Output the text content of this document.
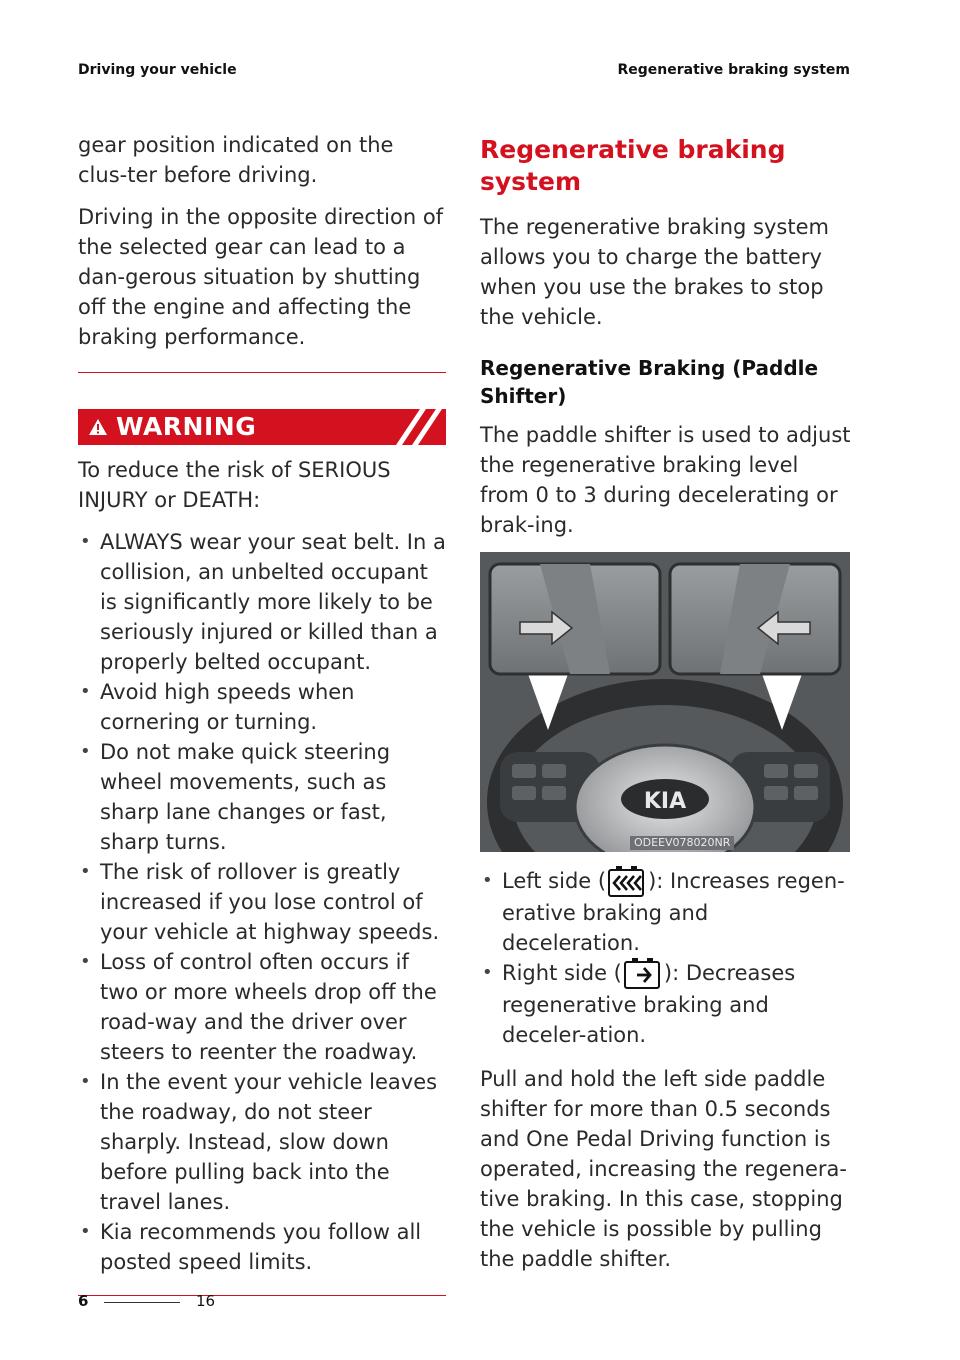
Driving your vehicle	Regenerative braking system

gear position indicated on the clus-ter before driving.

Driving in the opposite direction of the selected gear can lead to a dan-gerous situation by shutting off the engine and affecting the braking performance.

WARNING

To reduce the risk of SERIOUS INJURY or DEATH:

• ALWAYS wear your seat belt. In a collision, an unbelted occupant is significantly more likely to be seriously injured or killed than a properly belted occupant.
• Avoid high speeds when cornering or turning.
• Do not make quick steering wheel movements, such as sharp lane changes or fast, sharp turns.
• The risk of rollover is greatly increased if you lose control of your vehicle at highway speeds.
• Loss of control often occurs if two or more wheels drop off the road-way and the driver over steers to reenter the roadway.
• In the event your vehicle leaves the roadway, do not steer sharply. Instead, slow down before pulling back into the travel lanes.
• Kia recommends you follow all posted speed limits.
Regenerative braking system

The regenerative braking system allows you to charge the battery when you use the brakes to stop the vehicle.

Regenerative Braking (Paddle Shifter)

The paddle shifter is used to adjust the regenerative braking level from 0 to 3 during decelerating or brak-ing.

KIA
ODEEV078020NR
• Left side ( ): Increases regen-erative braking and deceleration.
• Right side ( ): Decreases regenerative braking and deceler-ation.

Pull and hold the left side paddle shifter for more than 0.5 seconds and One Pedal Driving function is operated, increasing the regenera-tive braking. In this case, stopping the vehicle is possible by pulling the paddle shifter.

6	16
